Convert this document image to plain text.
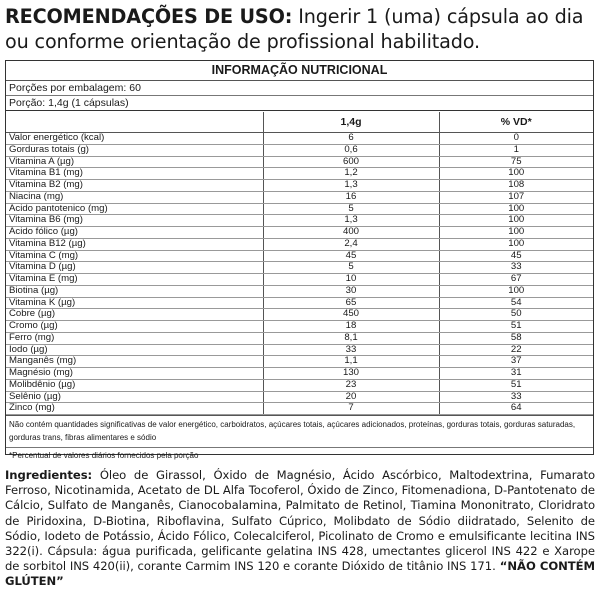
RECOMENDAÇÕES DE USO: Ingerir 1 (uma) cápsula ao dia ou conforme orientação de profissional habilitado.
INFORMAÇÃO NUTRICIONAL
Porções por embalagem: 60
Porção: 1,4g (1 cápsulas)
	1,4g	% VD*
Valor energético (kcal)	6	0
Gorduras totais (g)	0,6	1
Vitamina A (µg)	600	75
Vitamina B1 (mg)	1,2	100
Vitamina B2 (mg)	1,3	108
Niacina (mg)	16	107
Ácido pantotenico (mg)	5	100
Vitamina B6 (mg)	1,3	100
Ácido fólico (µg)	400	100
Vitamina B12 (µg)	2,4	100
Vitamina C (mg)	45	45
Vitamina D (µg)	5	33
Vitamina E (mg)	10	67
Biotina (µg)	30	100
Vitamina K (µg)	65	54
Cobre (µg)	450	50
Cromo (µg)	18	51
Ferro (mg)	8,1	58
Iodo (µg)	33	22
Manganês (mg)	1,1	37
Magnésio (mg)	130	31
Molibdênio (µg)	23	51
Selênio (µg)	20	33
Zinco (mg)	7	64
Não contém quantidades significativas de valor energético, carboidratos, açúcares totais, açúcares adicionados, proteínas, gorduras totais, gorduras saturadas, gorduras trans, fibras alimentares e sódio
*Percentual de valores diários fornecidos pela porção
Ingredientes: Óleo de Girassol, Óxido de Magnésio, Ácido Ascórbico, Maltodextrina, Fumarato Ferroso, Nicotinamida, Acetato de DL Alfa Tocoferol, Óxido de Zinco, Fitomenadiona, D-Pantotenato de Cálcio, Sulfato de Manganês, Cianocobalamina, Palmitato de Retinol, Tiamina Mononitrato, Cloridrato de Piridoxina, D-Biotina, Riboflavina, Sulfato Cúprico, Molibdato de Sódio diidratado, Selenito de Sódio, Iodeto de Potássio, Ácido Fólico, Colecalciferol, Picolinato de Cromo e emulsificante lecitina INS 322(i). Cápsula: água purificada, gelificante gelatina INS 428, umectantes glicerol INS 422 e Xarope de sorbitol INS 420(ii), corante Carmim INS 120 e corante Dióxido de titânio INS 171. “NÃO CONTÉM GLÚTEN”
